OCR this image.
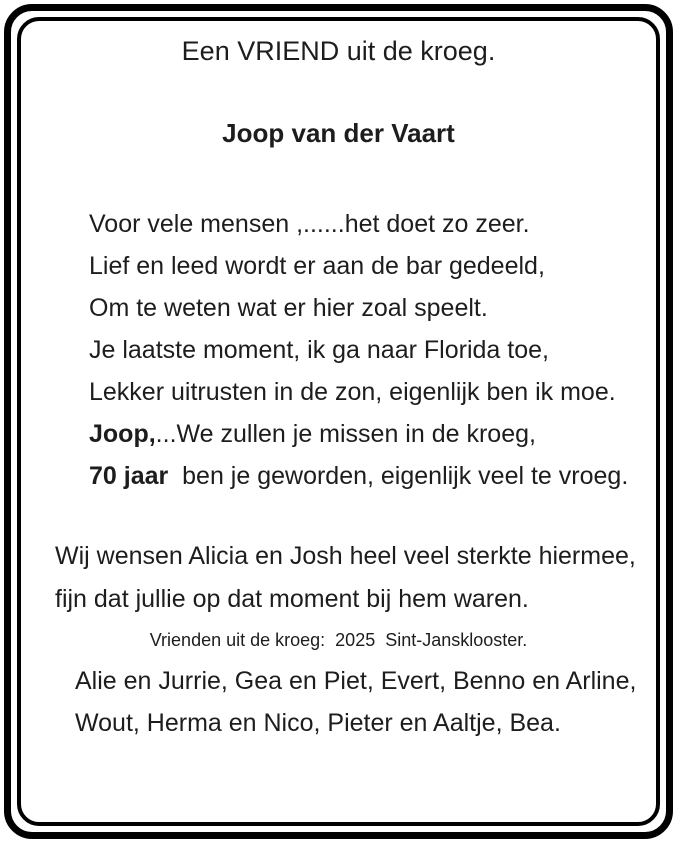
Een VRIEND uit de kroeg.
Joop van der Vaart
Voor vele mensen ,......het doet zo zeer.
Lief en leed wordt er aan de bar gedeeld,
Om te weten wat er hier zoal speelt.
Je laatste moment, ik ga naar Florida toe,
Lekker uitrusten in de zon, eigenlijk ben ik moe.
Joop,...We zullen je missen in de kroeg,
70 jaar  ben je geworden, eigenlijk veel te vroeg.
Wij wensen Alicia en Josh heel veel sterkte hiermee,
fijn dat jullie op dat moment bij hem waren.
Vrienden uit de kroeg:  2025  Sint-Jansklooster.
Alie en Jurrie, Gea en Piet, Evert, Benno en Arline,
Wout, Herma en Nico, Pieter en Aaltje, Bea.
